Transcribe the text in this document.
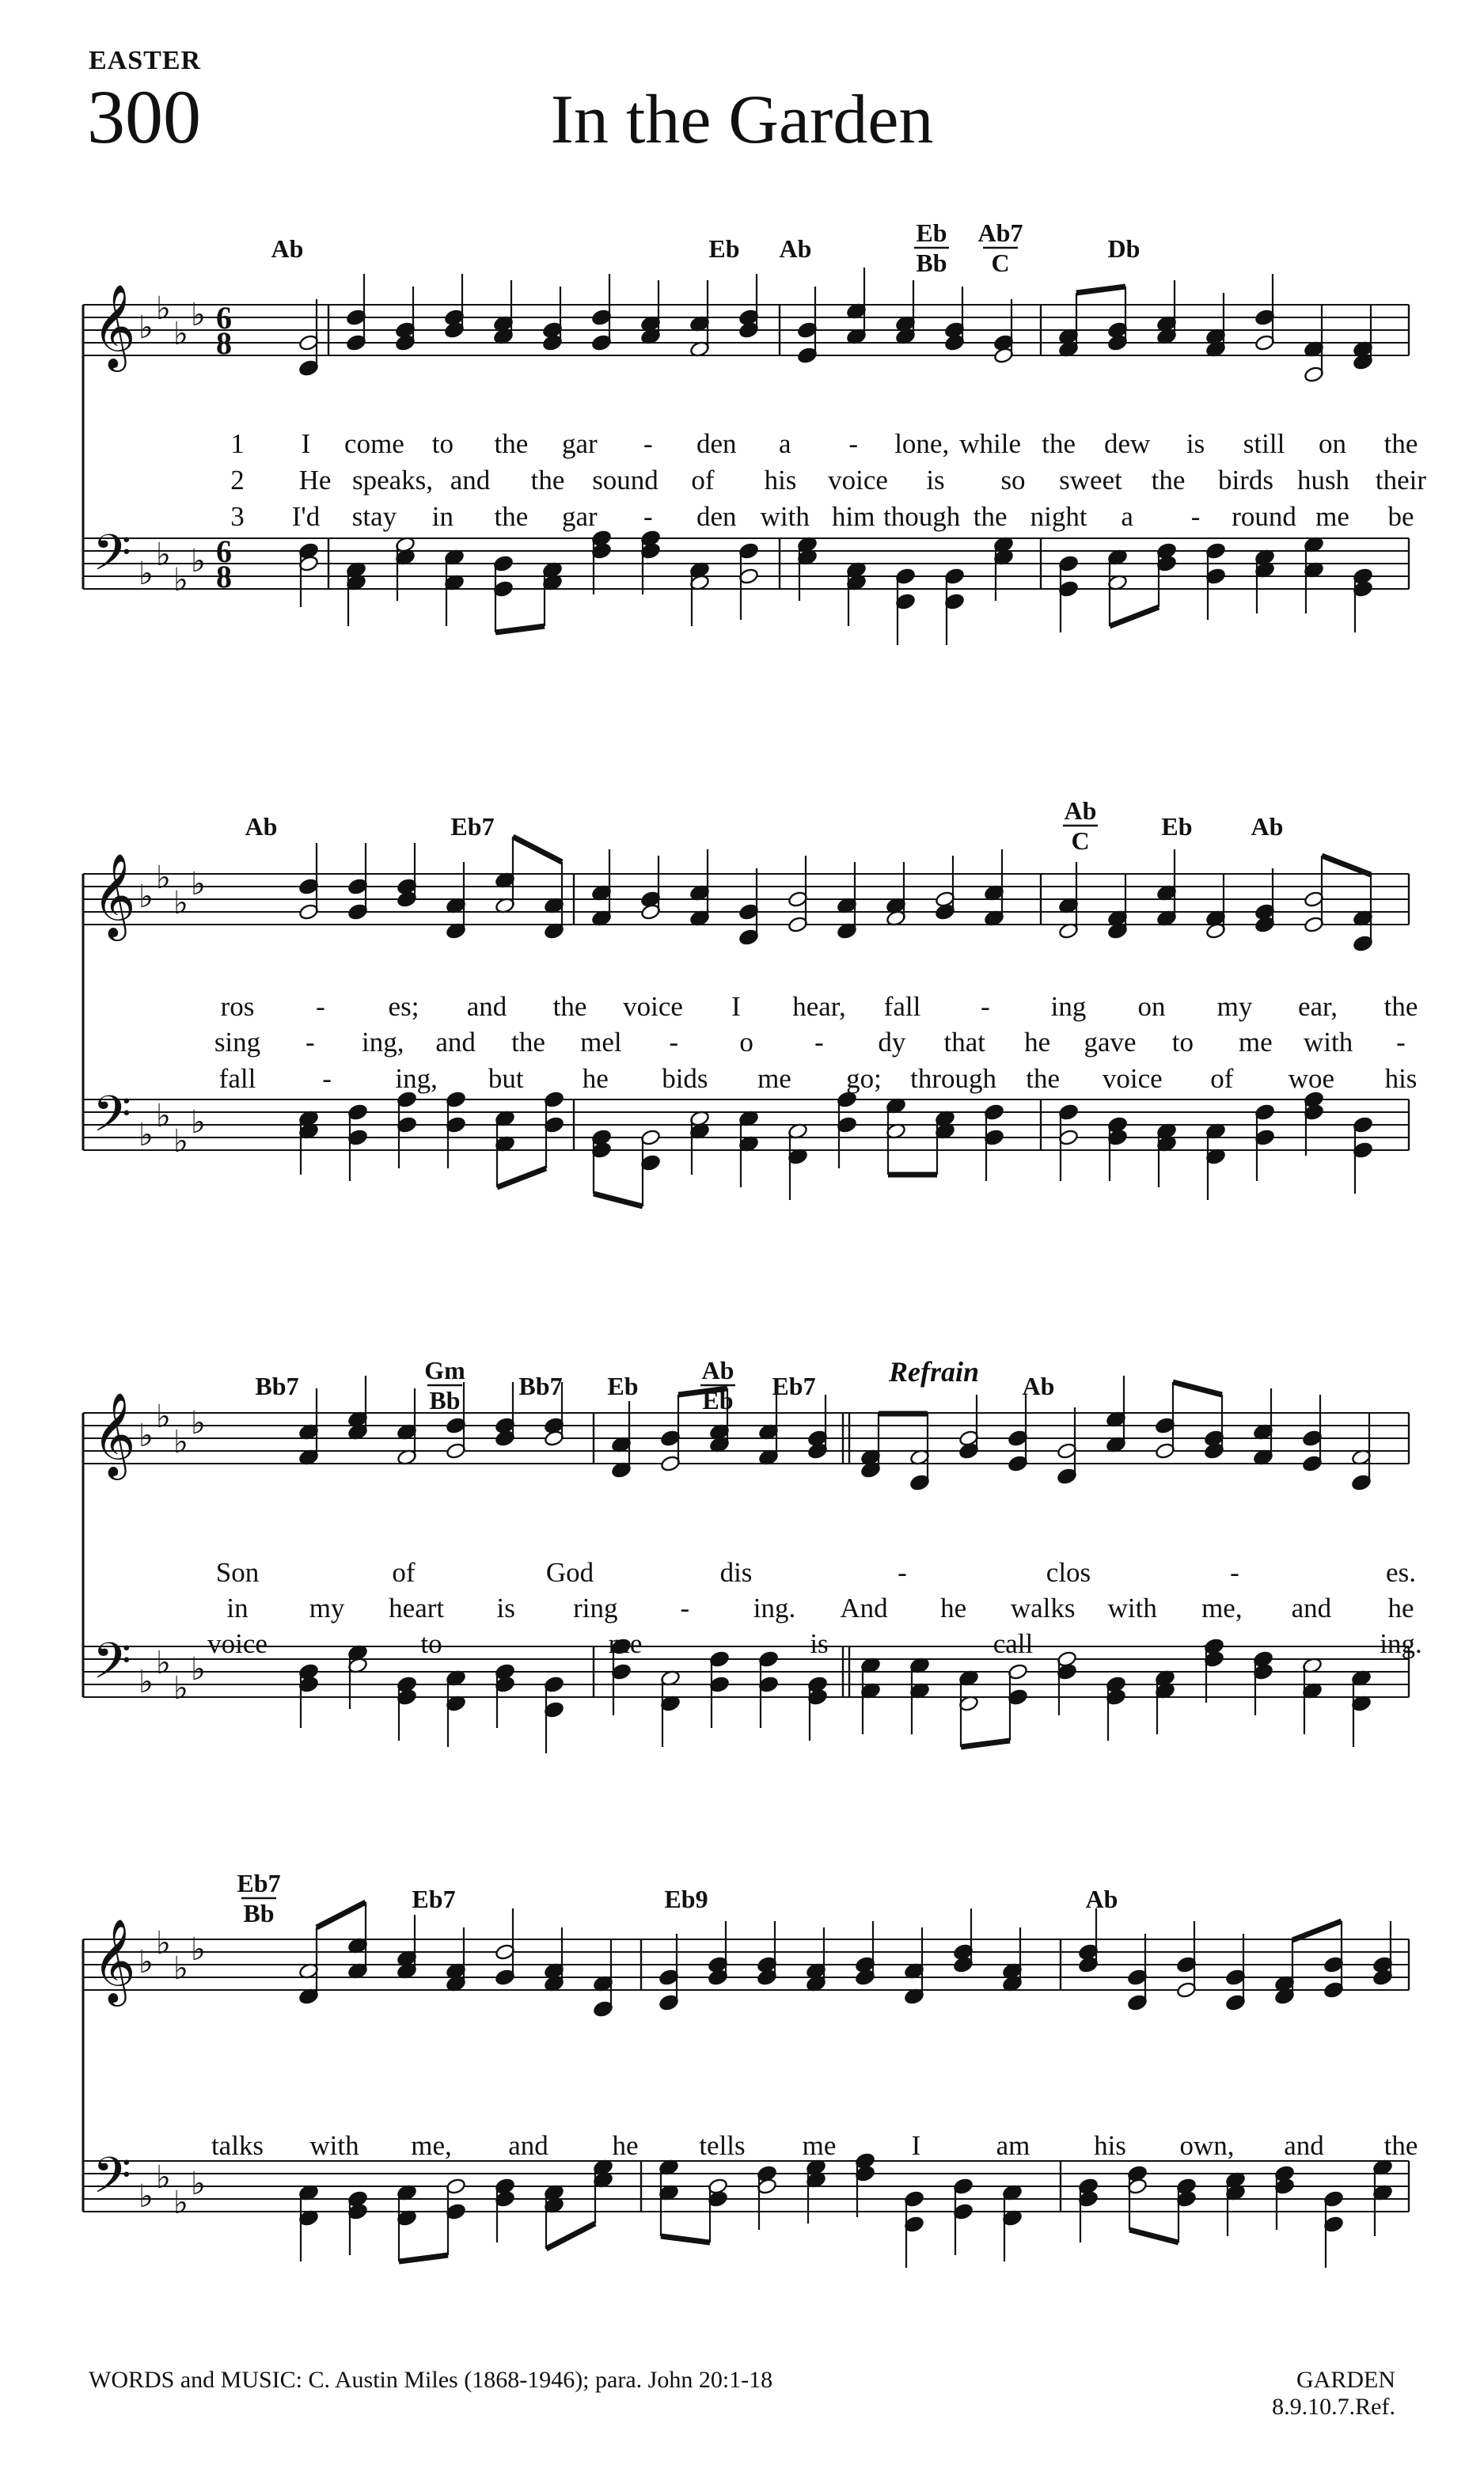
EASTER
300	In the Garden
𝄞
𝄢
♭
♭
♭
♭
♭
♭
♭
♭
6
6
8
8
Ab	Eb Ab
Eb
Bb
Ab7
C	Db
1 I come to the gar - den a - lone, while the dew is still on the
2 He speaks, and the sound of his voice is so sweet the birds hush their
3 I'd stay in the gar - den with him though the night a - round me be
𝄞
𝄢
♭
♭
♭
♭
♭
♭
♭
♭
Ab	Eb7
Ab
C	Eb Ab
ros - es; and the voice I hear, fall - ing on my ear, the
sing - ing, and the mel - o - dy that he gave to me with -
fall - ing, but he bids me go; through the voice of woe his
𝄞
𝄢
♭
♭
♭
♭
♭
♭
♭
♭
Bb7
Gm
Bb Bb7 Eb
Ab
Eb Eb7	Ab
Refrain
Son	of	God	dis	-	clos	-	es.
in my heart is ring - ing. And he walks with me, and he
voice	to	me	is	call	-	ing.
𝄞
𝄢
♭
♭
♭
♭
♭
♭
♭
♭
Eb7
Bb	Eb7	Eb9	Ab
talks with me, and he tells me	I	am his own, and the
WORDS and MUSIC: C. Austin Miles (1868-1946); para. John 20:1-18	GARDEN
8.9.10.7.Ref.
